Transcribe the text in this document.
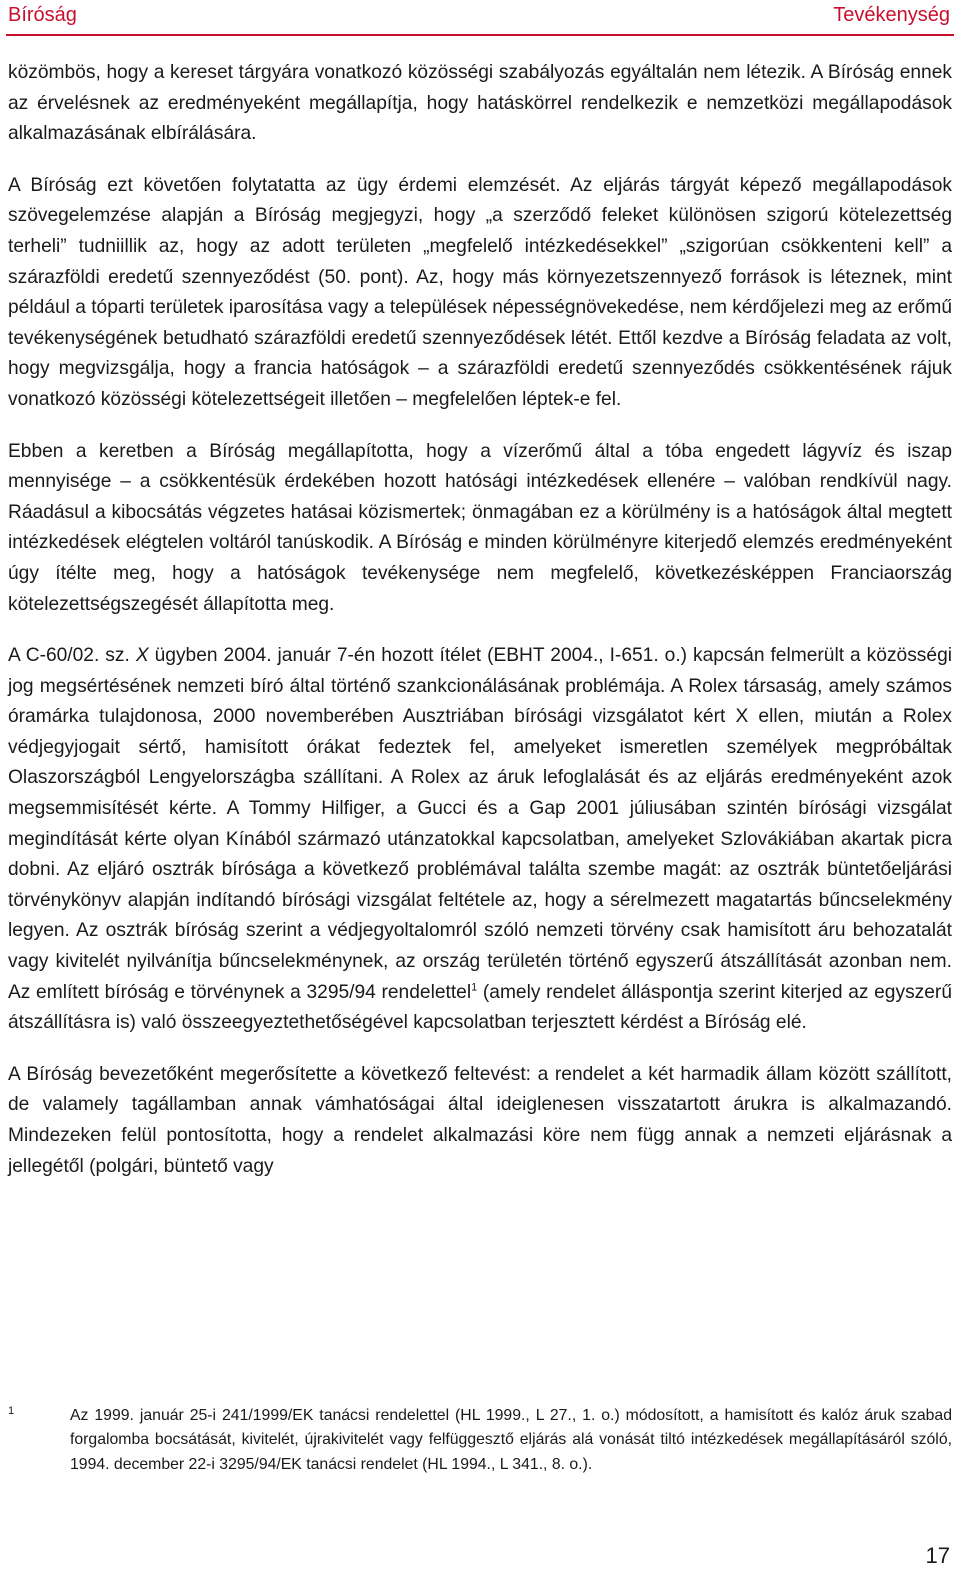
Bíróság	Tevékenység

közömbös, hogy a kereset tárgyára vonatkozó közösségi szabályozás egyáltalán nem létezik. A Bíróság ennek az érvelésnek az eredményeként megállapítja, hogy hatáskörrel rendelkezik e nemzetközi megállapodások alkalmazásának elbírálására.

A Bíróság ezt követően folytatatta az ügy érdemi elemzését. Az eljárás tárgyát képező megállapodások szövegelemzése alapján a Bíróság megjegyzi, hogy „a szerződő feleket különösen szigorú kötelezettség terheli” tudniillik az, hogy az adott területen „megfelelő intézkedésekkel” „szigorúan csökkenteni kell” a szárazföldi eredetű szennyeződést (50. pont). Az, hogy más környezetszennyező források is léteznek, mint például a tóparti területek iparosítása vagy a települések népességnövekedése, nem kérdőjelezi meg az erőmű tevékenységének betudható szárazföldi eredetű szennyeződések létét. Ettől kezdve a Bíróság feladata az volt, hogy megvizsgálja, hogy a francia hatóságok – a szárazföldi eredetű szennyeződés csökkentésének rájuk vonatkozó közösségi kötelezettségeit illetően – megfelelően léptek-e fel.

Ebben a keretben a Bíróság megállapította, hogy a vízerőmű által a tóba engedett lágyvíz és iszap mennyisége – a csökkentésük érdekében hozott hatósági intézkedések ellenére – valóban rendkívül nagy. Ráadásul a kibocsátás végzetes hatásai közismertek; önmagában ez a körülmény is a hatóságok által megtett intézkedések elégtelen voltáról tanúskodik. A Bíróság e minden körülményre kiterjedő elemzés eredményeként úgy ítélte meg, hogy a hatóságok tevékenysége nem megfelelő, következésképpen Franciaország kötelezettségszegését állapította meg.

A C-60/02. sz. X ügyben 2004. január 7-én hozott ítélet (EBHT 2004., I-651. o.) kapcsán felmerült a közösségi jog megsértésének nemzeti bíró által történő szankcionálásának problémája. A Rolex társaság, amely számos óramárka tulajdonosa, 2000 novemberében Ausztriában bírósági vizsgálatot kért X ellen, miután a Rolex védjegyjogait sértő, hamisított órákat fedeztek fel, amelyeket ismeretlen személyek megpróbáltak Olaszországból Lengyelországba szállítani. A Rolex az áruk lefoglalását és az eljárás eredményeként azok megsemmisítését kérte. A Tommy Hilfiger, a Gucci és a Gap 2001 júliusában szintén bírósági vizsgálat megindítását kérte olyan Kínából származó utánzatokkal kapcsolatban, amelyeket Szlovákiában akartak picra dobni. Az eljáró osztrák bírósága a következő problémával találta szembe magát: az osztrák büntetőeljárási törvénykönyv alapján indítandó bírósági vizsgálat feltétele az, hogy a sérelmezett magatartás bűncselekmény legyen. Az osztrák bíróság szerint a védjegyoltalomról szóló nemzeti törvény csak hamisított áru behozatalát vagy kivitelét nyilvánítja bűncselekménynek, az ország területén történő egyszerű átszállítását azonban nem. Az említett bíróság e törvénynek a 3295/94 rendelettel$^1$ (amely rendelet álláspontja szerint kiterjed az egyszerű átszállításra is) való összeegyeztethetőségével kapcsolatban terjesztett kérdést a Bíróság elé.

A Bíróság bevezetőként megerősítette a következő feltevést: a rendelet a két harmadik állam között szállított, de valamely tagállamban annak vámhatóságai által ideiglenesen visszatartott árukra is alkalmazandó. Mindezeken felül pontosította, hogy a rendelet alkalmazási köre nem függ annak a nemzeti eljárásnak a jellegétől (polgári, büntető vagy

1	Az 1999. január 25-i 241/1999/EK tanácsi rendelettel (HL 1999., L 27., 1. o.) módosított, a hamisított és kalóz áruk szabad forgalomba bocsátását, kivitelét, újrakivitelét vagy felfüggesztő eljárás alá vonását tiltó intézkedések megállapításáról szóló, 1994. december 22-i 3295/94/EK tanácsi rendelet (HL 1994., L 341., 8. o.).
17
